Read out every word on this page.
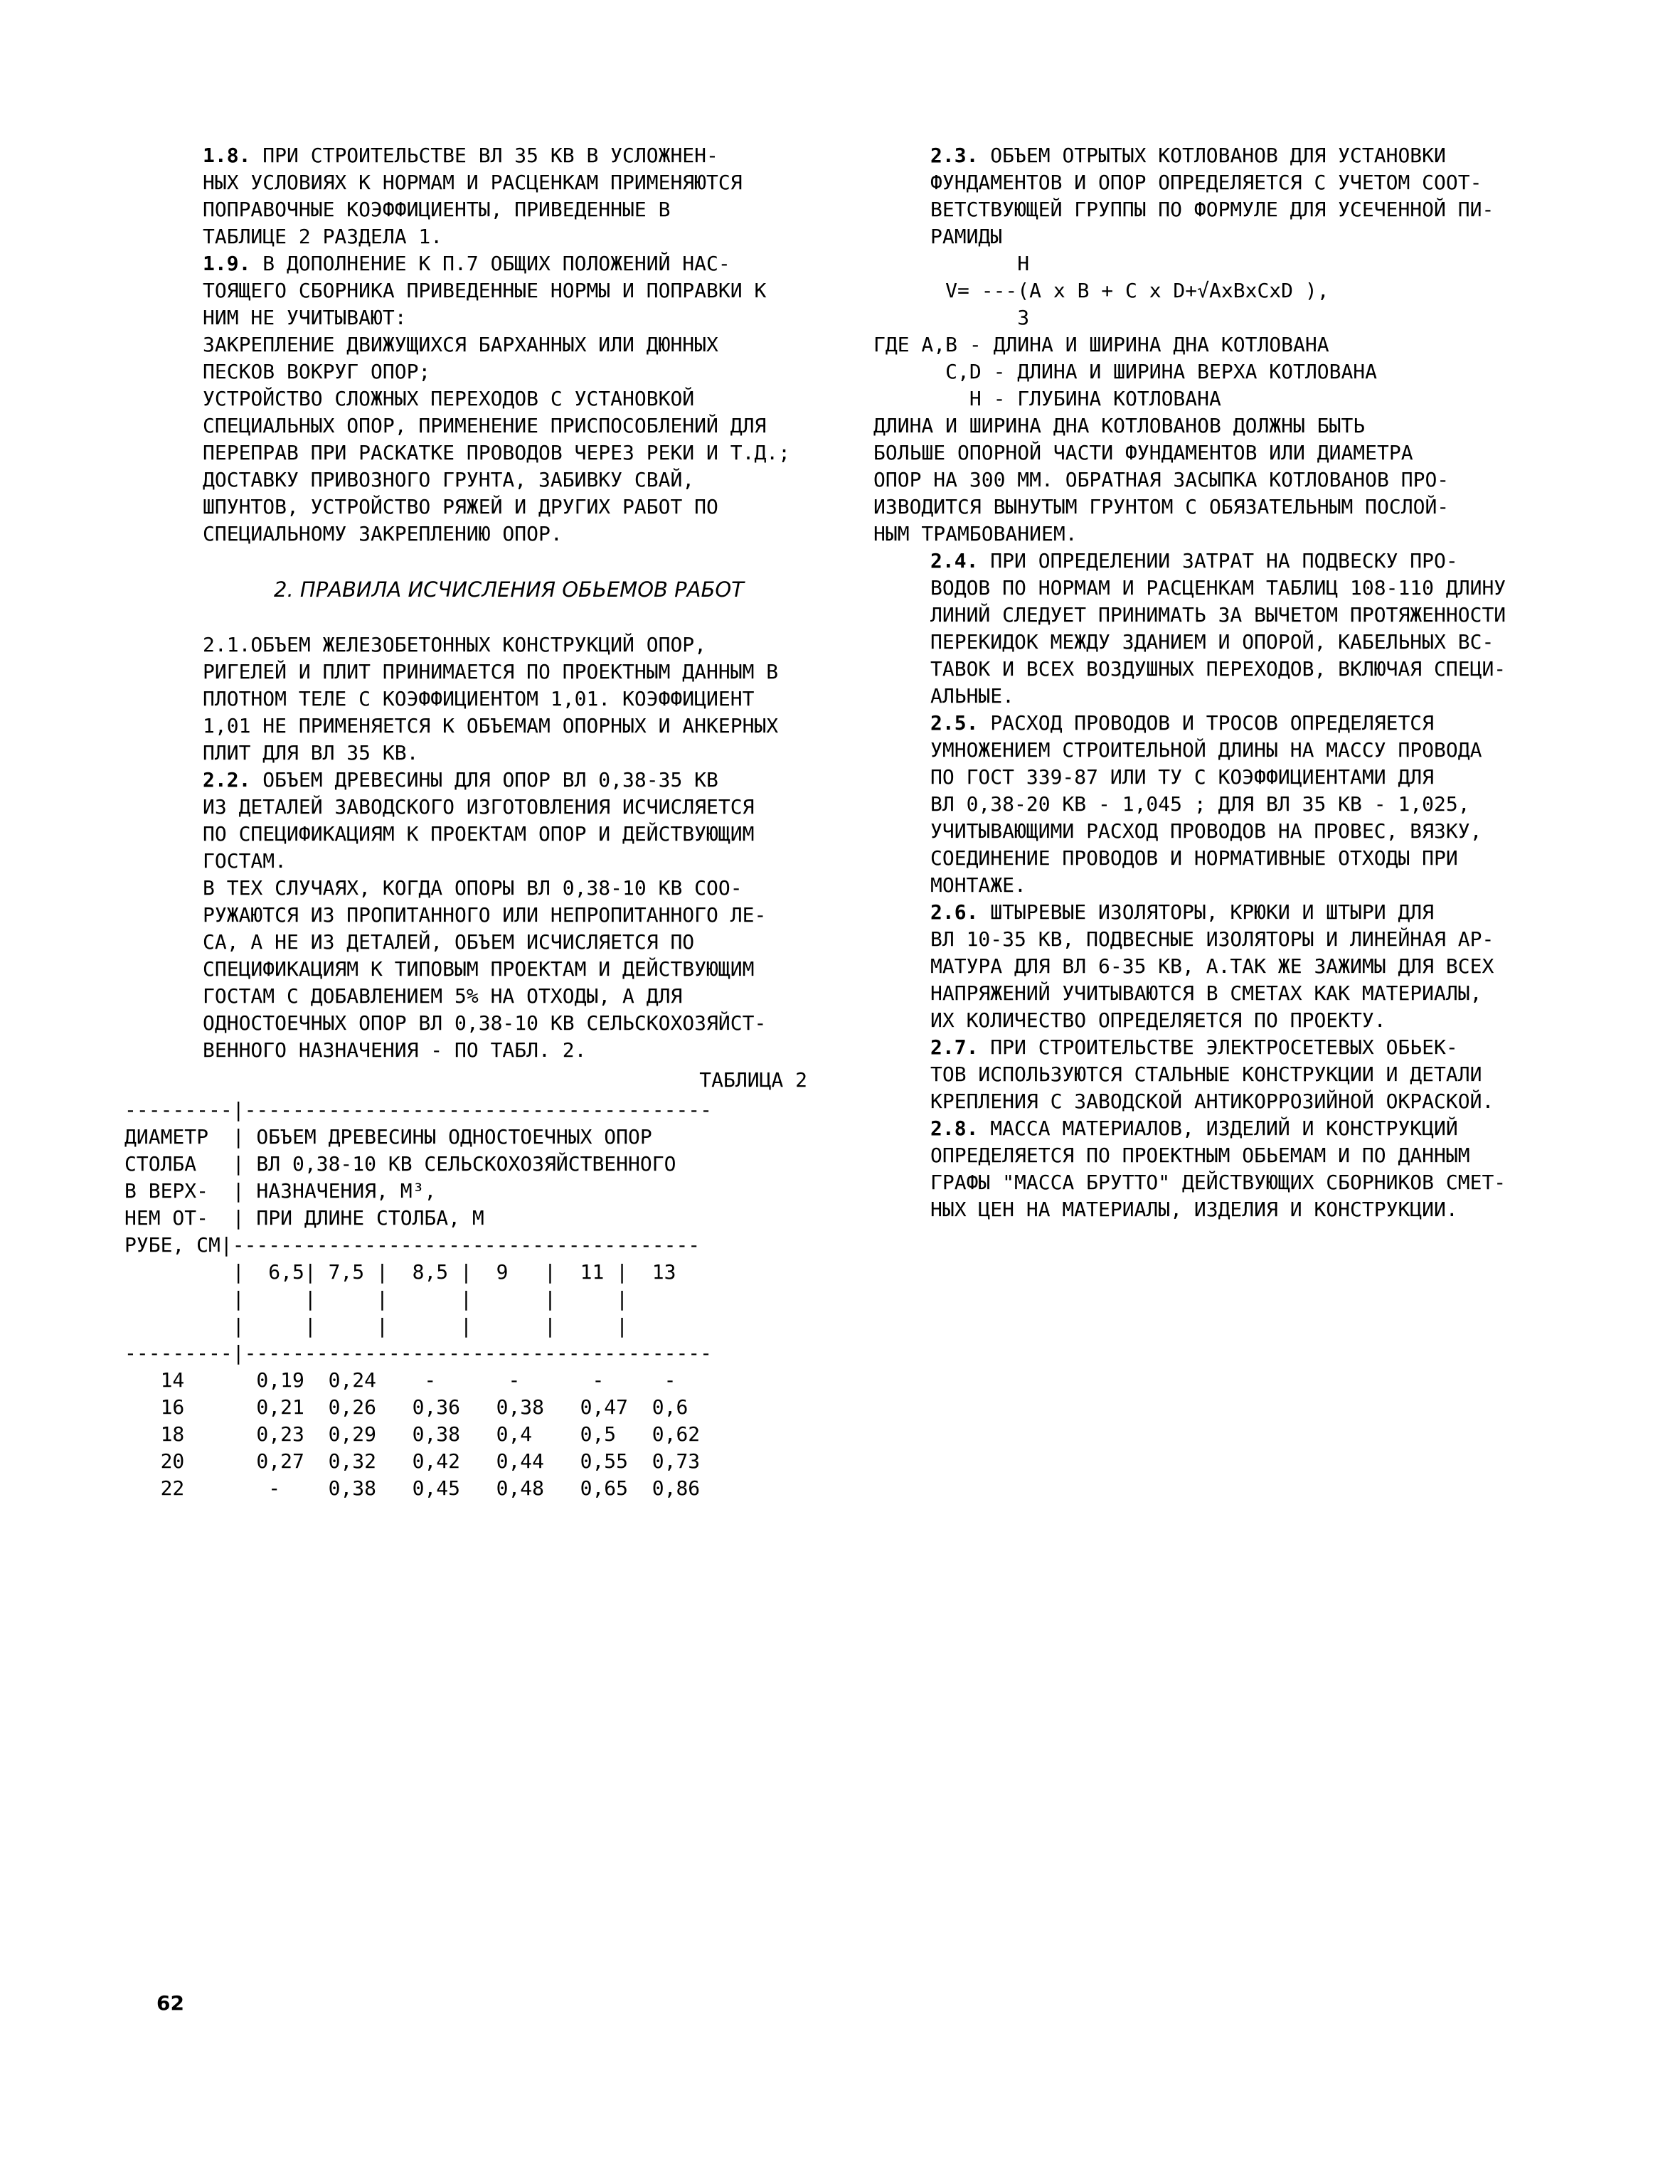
1.8. ПРИ СТРОИТЕЛЬСТВЕ ВЛ 35 КВ В УСЛОЖНЕН-
НЫХ УСЛОВИЯХ К НОРМАМ И РАСЦЕНКАМ ПРИМЕНЯЮТСЯ
ПОПРАВОЧНЫЕ КОЭФФИЦИЕНТЫ, ПРИВЕДЕННЫЕ В
ТАБЛИЦЕ 2 РАЗДЕЛА 1.

1.9. В ДОПОЛНЕНИЕ К П.7 ОБЩИХ ПОЛОЖЕНИЙ НАС-
ТОЯЩЕГО СБОРНИКА ПРИВЕДЕННЫЕ НОРМЫ И ПОПРАВКИ К
НИМ НЕ УЧИТЫВАЮТ:

ЗАКРЕПЛЕНИЕ ДВИЖУЩИХСЯ БАРХАННЫХ ИЛИ ДЮННЫХ
ПЕСКОВ ВОКРУГ ОПОР;

УСТРОЙСТВО СЛОЖНЫХ ПЕРЕХОДОВ С УСТАНОВКОЙ
СПЕЦИАЛЬНЫХ ОПОР, ПРИМЕНЕНИЕ ПРИСПОСОБЛЕНИЙ ДЛЯ
ПЕРЕПРАВ ПРИ РАСКАТКЕ ПРОВОДОВ ЧЕРЕЗ РЕКИ И Т.Д.;

ДОСТАВКУ ПРИВОЗНОГО ГРУНТА, ЗАБИВКУ СВАЙ,
ШПУНТОВ, УСТРОЙСТВО РЯЖЕЙ И ДРУГИХ РАБОТ ПО
СПЕЦИАЛЬНОМУ ЗАКРЕПЛЕНИЮ ОПОР.

2. ПРАВИЛА ИСЧИСЛЕНИЯ ОБЬЕМОВ РАБОТ

2.1.ОБЪЕМ ЖЕЛЕЗОБЕТОННЫХ КОНСТРУКЦИЙ ОПОР,
РИГЕЛЕЙ И ПЛИТ ПРИНИМАЕТСЯ ПО ПРОЕКТНЫМ ДАННЫМ В
ПЛОТНОМ ТЕЛЕ С КОЭФФИЦИЕНТОМ 1,01. КОЭФФИЦИЕНТ
1,01 НЕ ПРИМЕНЯЕТСЯ К ОБЪЕМАМ ОПОРНЫХ И АНКЕРНЫХ
ПЛИТ ДЛЯ ВЛ 35 КВ.

2.2. ОБЪЕМ ДРЕВЕСИНЫ ДЛЯ ОПОР ВЛ 0,38-35 КВ
ИЗ ДЕТАЛЕЙ ЗАВОДСКОГО ИЗГОТОВЛЕНИЯ ИСЧИСЛЯЕТСЯ
ПО СПЕЦИФИКАЦИЯМ К ПРОЕКТАМ ОПОР И ДЕЙСТВУЮЩИМ
ГОСТАМ.

В ТЕХ СЛУЧАЯХ, КОГДА ОПОРЫ ВЛ 0,38-10 КВ СОО-
РУЖАЮТСЯ ИЗ ПРОПИТАННОГО ИЛИ НЕПРОПИТАННОГО ЛЕ-
СА, А НЕ ИЗ ДЕТАЛЕЙ, ОБЪЕМ ИСЧИСЛЯЕТСЯ ПО
СПЕЦИФИКАЦИЯМ К ТИПОВЫМ ПРОЕКТАМ И ДЕЙСТВУЮЩИМ
ГОСТАМ С ДОБАВЛЕНИЕМ 5% НА ОТХОДЫ, А ДЛЯ
ОДНОСТОЕЧНЫХ ОПОР ВЛ 0,38-10 КВ СЕЛЬСКОХОЗЯЙСТ-
ВЕННОГО НАЗНАЧЕНИЯ - ПО ТАБЛ. 2.

ТАБЛИЦА 2
---------|---------------------------------------
ДИАМЕТР  | ОБЪЕМ ДРЕВЕСИНЫ ОДНОСТОЕЧНЫХ ОПОР
СТОЛБА   | ВЛ 0,38-10 КВ СЕЛЬСКОХОЗЯЙСТВЕННОГО
В ВЕРХ-  | НАЗНАЧЕНИЯ, М³,
НЕМ ОТ-  | ПРИ ДЛИНЕ СТОЛБА, М
РУБЕ, СМ|---------------------------------------
|  6,5| 7,5 |  8,5 |  9   |  11 |  13
|     |     |      |      |     |
|     |     |      |      |     |
---------|---------------------------------------
14      0,19  0,24    -      -      -     -
16      0,21  0,26   0,36   0,38   0,47  0,6
18      0,23  0,29   0,38   0,4    0,5   0,62
20      0,27  0,32   0,42   0,44   0,55  0,73
22       -    0,38   0,45   0,48   0,65  0,86

2.3. ОБЪЕМ ОТРЫТЫХ КОТЛОВАНОВ ДЛЯ УСТАНОВКИ
ФУНДАМЕНТОВ И ОПОР ОПРЕДЕЛЯЕТСЯ С УЧЕТОМ СООТ-
ВЕТСТВУЮЩЕЙ ГРУППЫ ПО ФОРМУЛЕ ДЛЯ УСЕЧЕННОЙ ПИ-
РАМИДЫ

H
V= ---(A x B + C x D+√AxBxCxD ),
3
ГДЕ A,B - ДЛИНА И ШИРИНА ДНА КОТЛОВАНА
C,D - ДЛИНА И ШИРИНА ВЕРХА КОТЛОВАНА
H - ГЛУБИНА КОТЛОВАНА

ДЛИНА И ШИРИНА ДНА КОТЛОВАНОВ ДОЛЖНЫ БЫТЬ
БОЛЬШЕ ОПОРНОЙ ЧАСТИ ФУНДАМЕНТОВ ИЛИ ДИАМЕТРА
ОПОР НА 300 ММ. ОБРАТНАЯ ЗАСЫПКА КОТЛОВАНОВ ПРО-
ИЗВОДИТСЯ ВЫНУТЫМ ГРУНТОМ С ОБЯЗАТЕЛЬНЫМ ПОСЛОЙ-
НЫМ ТРАМБОВАНИЕМ.

2.4. ПРИ ОПРЕДЕЛЕНИИ ЗАТРАТ НА ПОДВЕСКУ ПРО-
ВОДОВ ПО НОРМАМ И РАСЦЕНКАМ ТАБЛИЦ 108-110 ДЛИНУ
ЛИНИЙ СЛЕДУЕТ ПРИНИМАТЬ ЗА ВЫЧЕТОМ ПРОТЯЖЕННОСТИ
ПЕРЕКИДОК МЕЖДУ ЗДАНИЕМ И ОПОРОЙ, КАБЕЛЬНЫХ ВС-
ТАВОК И ВСЕХ ВОЗДУШНЫХ ПЕРЕХОДОВ, ВКЛЮЧАЯ СПЕЦИ-
АЛЬНЫЕ.

2.5. РАСХОД ПРОВОДОВ И ТРОСОВ ОПРЕДЕЛЯЕТСЯ
УМНОЖЕНИЕМ СТРОИТЕЛЬНОЙ ДЛИНЫ НА МАССУ ПРОВОДА
ПО ГОСТ 339-87 ИЛИ ТУ С КОЭФФИЦИЕНТАМИ ДЛЯ
ВЛ 0,38-20 КВ - 1,045 ; ДЛЯ ВЛ 35 КВ - 1,025,
УЧИТЫВАЮЩИМИ РАСХОД ПРОВОДОВ НА ПРОВЕС, ВЯЗКУ,
СОЕДИНЕНИЕ ПРОВОДОВ И НОРМАТИВНЫЕ ОТХОДЫ ПРИ
МОНТАЖЕ.

2.6. ШТЫРЕВЫЕ ИЗОЛЯТОРЫ, КРЮКИ И ШТЫРИ ДЛЯ
ВЛ 10-35 КВ, ПОДВЕСНЫЕ ИЗОЛЯТОРЫ И ЛИНЕЙНАЯ АР-
МАТУРА ДЛЯ ВЛ 6-35 КВ, А.ТАК ЖЕ ЗАЖИМЫ ДЛЯ ВСЕХ
НАПРЯЖЕНИЙ УЧИТЫВАЮТСЯ В СМЕТАХ КАК МАТЕРИАЛЫ,
ИХ КОЛИЧЕСТВО ОПРЕДЕЛЯЕТСЯ ПО ПРОЕКТУ.

2.7. ПРИ СТРОИТЕЛЬСТВЕ ЭЛЕКТРОСЕТЕВЫХ ОБЬЕК-
ТОВ ИСПОЛЬЗУЮТСЯ СТАЛЬНЫЕ КОНСТРУКЦИИ И ДЕТАЛИ
КРЕПЛЕНИЯ С ЗАВОДСКОЙ АНТИКОРРОЗИЙНОЙ ОКРАСКОЙ.

2.8. МАССА МАТЕРИАЛОВ, ИЗДЕЛИЙ И КОНСТРУКЦИЙ
ОПРЕДЕЛЯЕТСЯ ПО ПРОЕКТНЫМ ОБЬЕМАМ И ПО ДАННЫМ
ГРАФЫ "МАССА БРУТТО" ДЕЙСТВУЮЩИХ СБОРНИКОВ СМЕТ-
НЫХ ЦЕН НА МАТЕРИАЛЫ, ИЗДЕЛИЯ И КОНСТРУКЦИИ.

62
